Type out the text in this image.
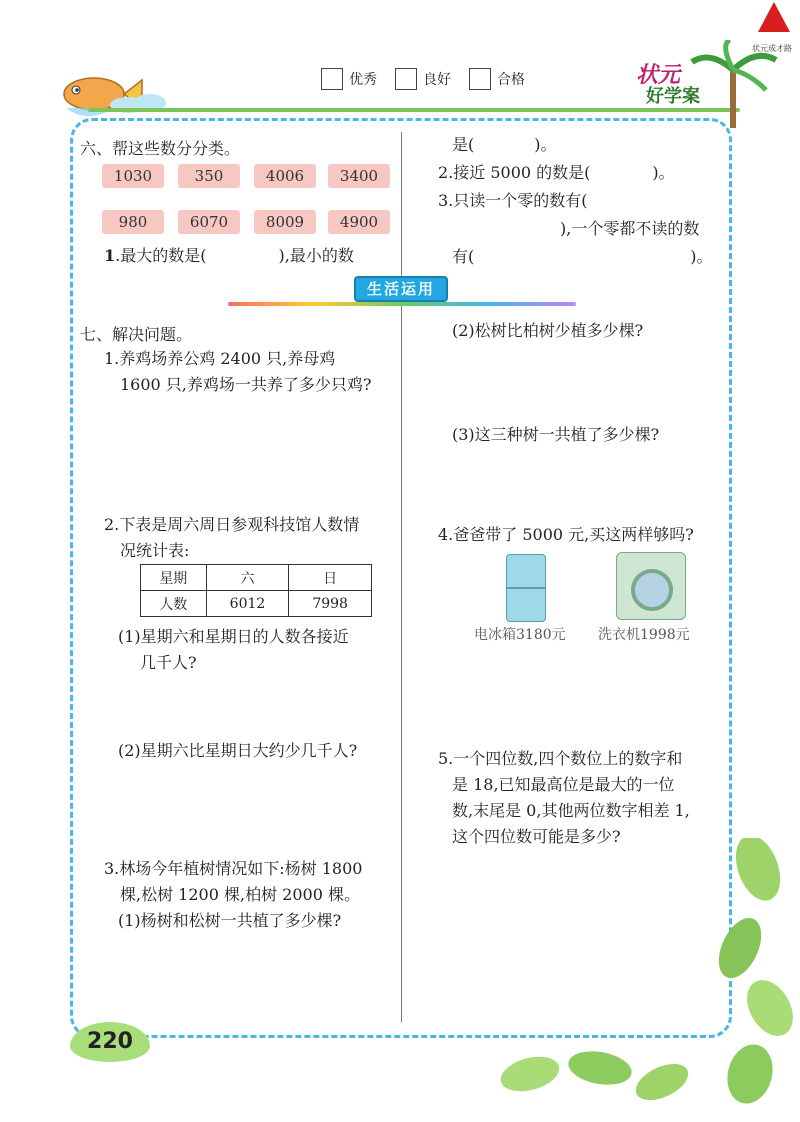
优秀	良好	合格	状元
好学案
状元成才路
六、帮这些数分分类。
1030	350	4006	3400
980	6070	8009	4900
1.最大的数是(	),最小的数
是(	)。
2.接近 5000 的数是(	)。
3.只读一个零的数有(
),一个零都不读的数
有(	)。
生活运用
七、解决问题。
1.养鸡场养公鸡 2400 只,养母鸡
1600 只,养鸡场一共养了多少只鸡?
2.下表是周六周日参观科技馆人数情
况统计表:
星期	六	日
人数	6012	7998
(1)星期六和星期日的人数各接近
几千人?
(2)星期六比星期日大约少几千人?
3.林场今年植树情况如下:杨树 1800
棵,松树 1200 棵,柏树 2000 棵。
(1)杨树和松树一共植了多少棵?
(2)松树比柏树少植多少棵?
(3)这三种树一共植了多少棵?
4.爸爸带了 5000 元,买这两样够吗?
电冰箱3180元 洗衣机1998元
5.一个四位数,四个数位上的数字和
是 18,已知最高位是最大的一位
数,末尾是 0,其他两位数字相差 1,
这个四位数可能是多少?
220
